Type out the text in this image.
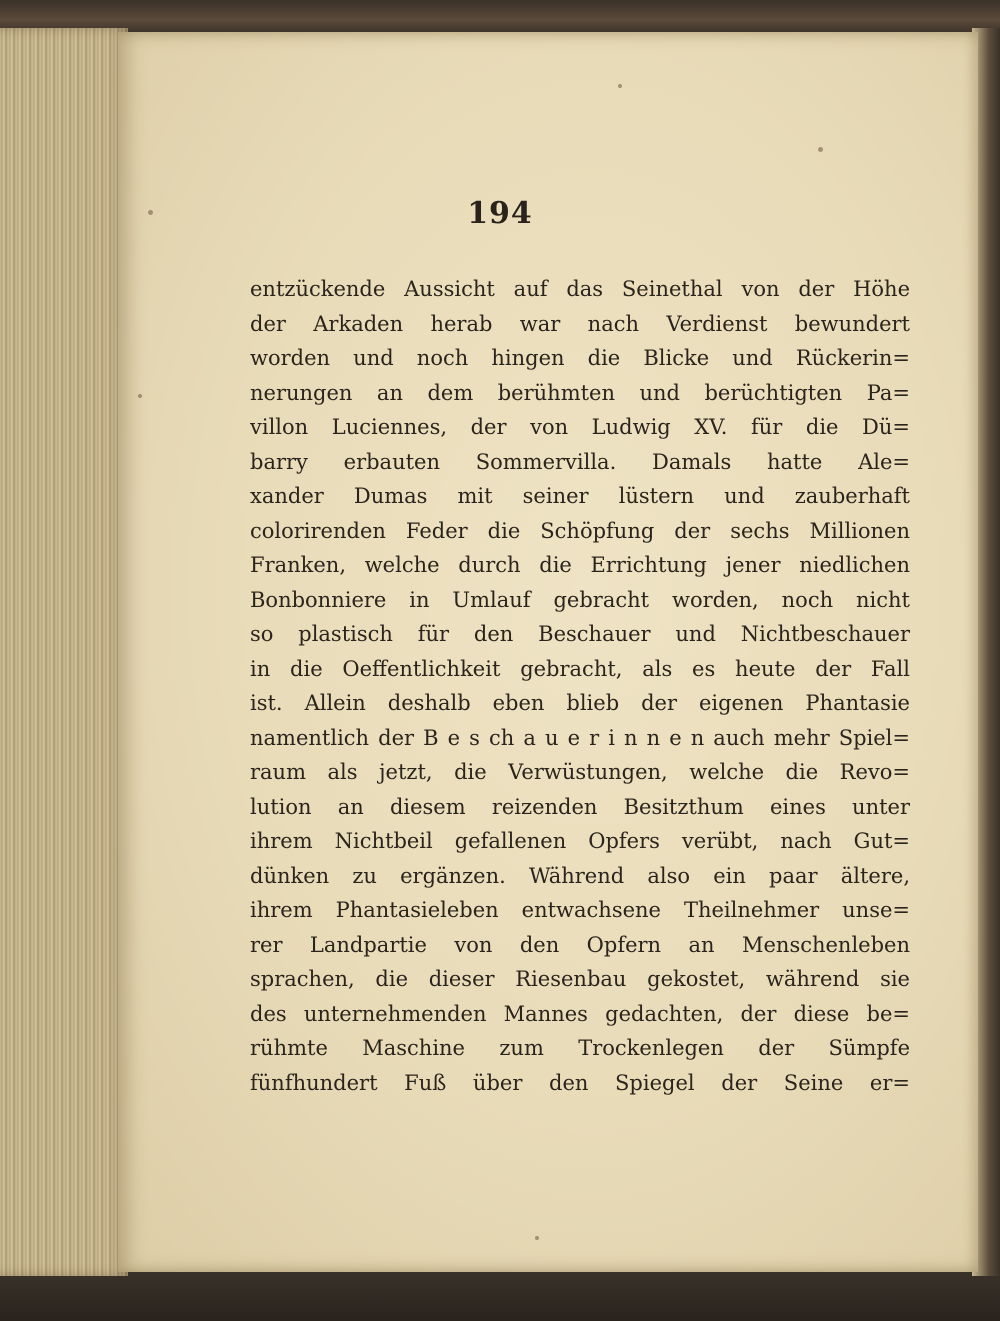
194
entzückende Aussicht auf das Seinethal von der Höhe
der Arkaden herab war nach Verdienst bewundert
worden und noch hingen die Blicke und Rückerin=
nerungen an dem berühmten und berüchtigten Pa=
villon Luciennes, der von Ludwig XV. für die Dü=
barry erbauten Sommervilla. Damals hatte Ale=
xander Dumas mit seiner lüstern und zauberhaft
colorirenden Feder die Schöpfung der sechs Millionen
Franken, welche durch die Errichtung jener niedlichen
Bonbonniere in Umlauf gebracht worden, noch nicht
so plastisch für den Beschauer und Nichtbeschauer
in die Oeffentlichkeit gebracht, als es heute der Fall
ist. Allein deshalb eben blieb der eigenen Phantasie
namentlich der B e s ch a u e r i n n e n auch mehr Spiel=
raum als jetzt, die Verwüstungen, welche die Revo=
lution an diesem reizenden Besitzthum eines unter
ihrem Nichtbeil gefallenen Opfers verübt, nach Gut=
dünken zu ergänzen. Während also ein paar ältere,
ihrem Phantasieleben entwachsene Theilnehmer unse=
rer Landpartie von den Opfern an Menschenleben
sprachen, die dieser Riesenbau gekostet, während sie
des unternehmenden Mannes gedachten, der diese be=
rühmte Maschine zum Trockenlegen der Sümpfe
fünfhundert Fuß über den Spiegel der Seine er=
